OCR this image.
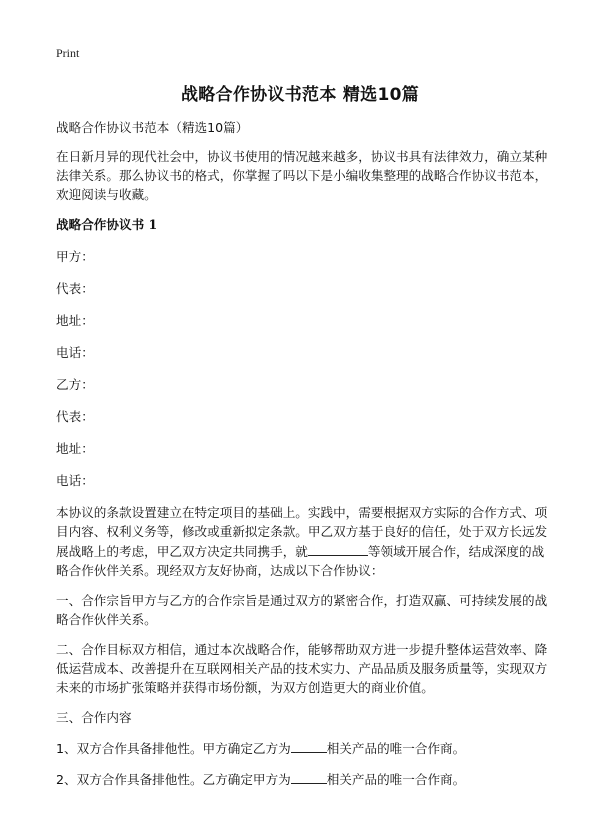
Print
战略合作协议书范本 精选10篇

战略合作协议书范本（精选10篇）

在日新月异的现代社会中，协议书使用的情况越来越多，协议书具有法律效力，确立某种法律关系。那么协议书的格式，你掌握了吗以下是小编收集整理的战略合作协议书范本，欢迎阅读与收藏。

战略合作协议书 1

甲方：

代表：

地址：

电话：

乙方：

代表：

地址：

电话：

本协议的条款设置建立在特定项目的基础上。实践中，需要根据双方实际的合作方式、项目内容、权利义务等，修改或重新拟定条款。甲乙双方基于良好的信任，处于双方长远发展战略上的考虑，甲乙双方决定共同携手，就	等领域开展合作，结成深度的战略合作伙伴关系。现经双方友好协商，达成以下合作协议：

一、合作宗旨甲方与乙方的合作宗旨是通过双方的紧密合作，打造双赢、可持续发展的战略合作伙伴关系。

二、合作目标双方相信，通过本次战略合作，能够帮助双方进一步提升整体运营效率、降低运营成本、改善提升在互联网相关产品的技术实力、产品品质及服务质量等，实现双方未来的市场扩张策略并获得市场份额，为双方创造更大的商业价值。

三、合作内容

1、双方合作具备排他性。甲方确定乙方为	相关产品的唯一合作商。

2、双方合作具备排他性。乙方确定甲方为	相关产品的唯一合作商。
